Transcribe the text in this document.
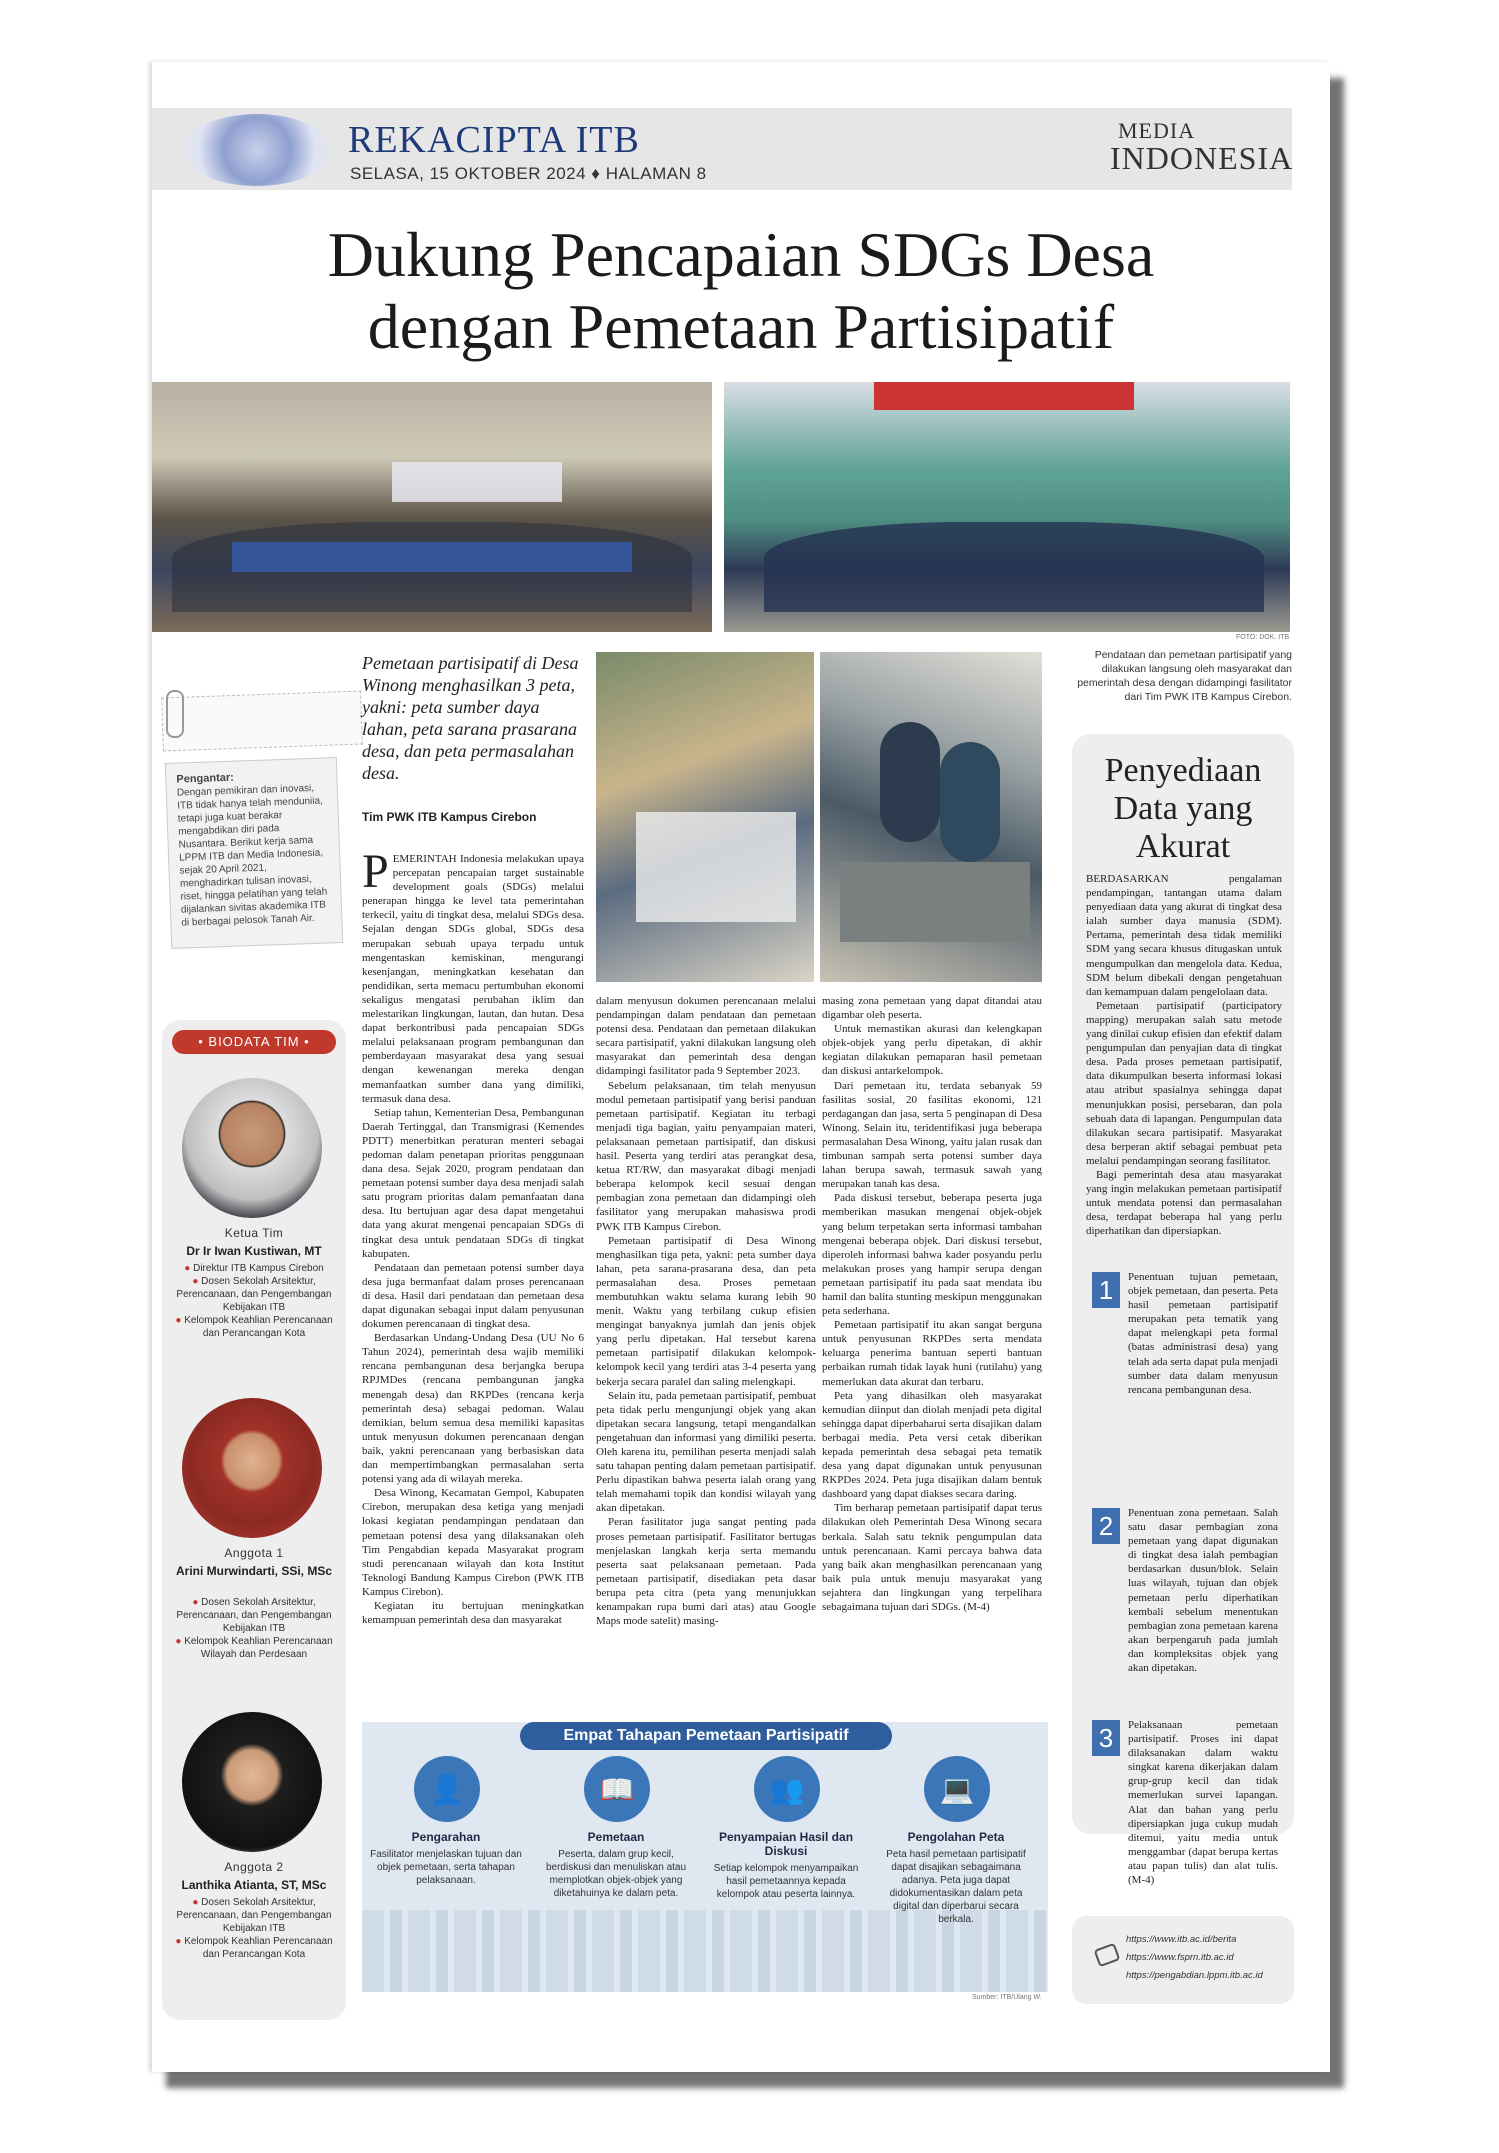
REKACIPTA ITB
SELASA, 15 OKTOBER 2024 ♦ HALAMAN 8
MEDIA
INDONESIA
Dukung Pencapaian SDGs Desa
dengan Pemetaan Partisipatif
FOTO: DOK. ITB
Pendataan dan pemetaan partisipatif yang dilakukan langsung oleh masyarakat dan pemerintah desa dengan didampingi fasilitator dari Tim PWK ITB Kampus Cirebon.
Pengantar:
Dengan pemikiran dan inovasi, ITB tidak hanya telah menduniia, tetapi juga kuat berakar mengabdikan diri pada Nusantara. Berikut kerja sama LPPM ITB dan Media Indonesia, sejak 20 April 2021, menghadirkan tulisan inovasi, riset, hingga pelatihan yang telah dijalankan sivitas akademika ITB di berbagai pelosok Tanah Air.
Pemetaan partisipatif di Desa Winong menghasilkan 3 peta, yakni: peta sumber daya lahan, peta sarana prasarana desa, dan peta permasalahan desa.
Tim PWK ITB Kampus Cirebon
P EMERINTAH Indonesia melakukan upaya percepatan pencapaian target sustainable development goals (SDGs) melalui penerapan hingga ke level tata pemerintahan terkecil, yaitu di tingkat desa, melalui SDGs desa. Sejalan dengan SDGs global, SDGs desa merupakan sebuah upaya terpadu untuk mengentaskan kemiskinan, mengurangi kesenjangan, meningkatkan kesehatan dan pendidikan, serta memacu pertumbuhan ekonomi sekaligus mengatasi perubahan iklim dan melestarikan lingkungan, lautan, dan hutan. Desa dapat berkontribusi pada pencapaian SDGs melalui pelaksanaan program pembangunan dan pemberdayaan masyarakat desa yang sesuai dengan kewenangan mereka dengan memanfaatkan sumber dana yang dimiliki, termasuk dana desa.

Setiap tahun, Kementerian Desa, Pembangunan Daerah Tertinggal, dan Transmigrasi (Kemendes PDTT) menerbitkan peraturan menteri sebagai pedoman dalam penetapan prioritas penggunaan dana desa. Sejak 2020, program pendataan dan pemetaan potensi sumber daya desa menjadi salah satu program prioritas dalam pemanfaatan dana desa. Itu bertujuan agar desa dapat mengetahui data yang akurat mengenai pencapaian SDGs di tingkat desa untuk pendataan SDGs di tingkat kabupaten.

Pendataan dan pemetaan potensi sumber daya desa juga bermanfaat dalam proses perencanaan di desa. Hasil dari pendataan dan pemetaan desa dapat digunakan sebagai input dalam penyusunan dokumen perencanaan di tingkat desa.

Berdasarkan Undang-Undang Desa (UU No 6 Tahun 2024), pemerintah desa wajib memiliki rencana pembangunan desa berjangka berupa RPJMDes (rencana pembangunan jangka menengah desa) dan RKPDes (rencana kerja pemerintah desa) sebagai pedoman. Walau demikian, belum semua desa memiliki kapasitas untuk menyusun dokumen perencanaan dengan baik, yakni perencanaan yang berbasiskan data dan mempertimbangkan permasalahan serta potensi yang ada di wilayah mereka.

Desa Winong, Kecamatan Gempol, Kabupaten Cirebon, merupakan desa ketiga yang menjadi lokasi kegiatan pendampingan pendataan dan pemetaan potensi desa yang dilaksanakan oleh Tim Pengabdian kepada Masyarakat program studi perencanaan wilayah dan kota Institut Teknologi Bandung Kampus Cirebon (PWK ITB Kampus Cirebon).

Kegiatan itu bertujuan meningkatkan kemampuan pemerintah desa dan masyarakat

dalam menyusun dokumen perencanaan melalui pendampingan dalam pendataan dan pemetaan potensi desa. Pendataan dan pemetaan dilakukan secara partisipatif, yakni dilakukan langsung oleh masyarakat dan pemerintah desa dengan didampingi fasilitator pada 9 September 2023.

Sebelum pelaksanaan, tim telah menyusun modul pemetaan partisipatif yang berisi panduan pemetaan partisipatif. Kegiatan itu terbagi menjadi tiga bagian, yaitu penyampaian materi, pelaksanaan pemetaan partisipatif, dan diskusi hasil. Peserta yang terdiri atas perangkat desa, ketua RT/RW, dan masyarakat dibagi menjadi beberapa kelompok kecil sesuai dengan pembagian zona pemetaan dan didampingi oleh fasilitator yang merupakan mahasiswa prodi PWK ITB Kampus Cirebon.

Pemetaan partisipatif di Desa Winong menghasilkan tiga peta, yakni: peta sumber daya lahan, peta sarana-prasarana desa, dan peta permasalahan desa. Proses pemetaan membutuhkan waktu selama kurang lebih 90 menit. Waktu yang terbilang cukup efisien mengingat banyaknya jumlah dan jenis objek yang perlu dipetakan. Hal tersebut karena pemetaan partisipatif dilakukan kelompok-kelompok kecil yang terdiri atas 3-4 peserta yang bekerja secara paralel dan saling melengkapi.

Selain itu, pada pemetaan partisipatif, pembuat peta tidak perlu mengunjungi objek yang akan dipetakan secara langsung, tetapi mengandalkan pengetahuan dan informasi yang dimiliki peserta. Oleh karena itu, pemilihan peserta menjadi salah satu tahapan penting dalam pemetaan partisipatif. Perlu dipastikan bahwa peserta ialah orang yang telah memahami topik dan kondisi wilayah yang akan dipetakan.

Peran fasilitator juga sangat penting pada proses pemetaan partisipatif. Fasilitator bertugas menjelaskan langkah kerja serta memandu peserta saat pelaksanaan pemetaan. Pada pemetaan partisipatif, disediakan peta dasar berupa peta citra (peta yang menunjukkan kenampakan rupa bumi dari atas) atau Google Maps mode satelit) masing-

masing zona pemetaan yang dapat ditandai atau digambar oleh peserta.

Untuk memastikan akurasi dan kelengkapan objek-objek yang perlu dipetakan, di akhir kegiatan dilakukan pemaparan hasil pemetaan dan diskusi antarkelompok.

Dari pemetaan itu, terdata sebanyak 59 fasilitas sosial, 20 fasilitas ekonomi, 121 perdagangan dan jasa, serta 5 penginapan di Desa Winong. Selain itu, teridentifikasi juga beberapa permasalahan Desa Winong, yaitu jalan rusak dan timbunan sampah serta potensi sumber daya lahan berupa sawah, termasuk sawah yang merupakan tanah kas desa.

Pada diskusi tersebut, beberapa peserta juga memberikan masukan mengenai objek-objek yang belum terpetakan serta informasi tambahan mengenai beberapa objek. Dari diskusi tersebut, diperoleh informasi bahwa kader posyandu perlu melakukan proses yang hampir serupa dengan pemetaan partisipatif itu pada saat mendata ibu hamil dan balita stunting meskipun menggunakan peta sederhana.

Pemetaan partisipatif itu akan sangat berguna untuk penyusunan RKPDes serta mendata keluarga penerima bantuan seperti bantuan perbaikan rumah tidak layak huni (rutilahu) yang memerlukan data akurat dan terbaru.

Peta yang dihasilkan oleh masyarakat kemudian diinput dan diolah menjadi peta digital sehingga dapat diperbaharui serta disajikan dalam berbagai media. Peta versi cetak diberikan kepada pemerintah desa sebagai peta tematik desa yang dapat digunakan untuk penyusunan RKPDes 2024. Peta juga disajikan dalam bentuk dashboard yang dapat diakses secara daring.

Tim berharap pemetaan partisipatif dapat terus dilakukan oleh Pemerintah Desa Winong secara berkala. Salah satu teknik pengumpulan data untuk perencanaan. Kami percaya bahwa data yang baik akan menghasilkan perencanaan yang baik pula untuk menuju masyarakat yang sejahtera dan lingkungan yang terpelihara sebagaimana tujuan dari SDGs. (M-4)

• BIODATA TIM •
Ketua Tim
Dr Ir Iwan Kustiwan, MT
● Direktur ITB Kampus Cirebon
● Dosen Sekolah Arsitektur, Perencanaan, dan Pengembangan Kebijakan ITB
● Kelompok Keahlian Perencanaan dan Perancangan Kota
Anggota 1
Arini Murwindarti, SSi, MSc
● Dosen Sekolah Arsitektur, Perencanaan, dan Pengembangan Kebijakan ITB
● Kelompok Keahlian Perencanaan Wilayah dan Perdesaan
Anggota 2
Lanthika Atianta, ST, MSc
● Dosen Sekolah Arsitektur, Perencanaan, dan Pengembangan Kebijakan ITB
● Kelompok Keahlian Perencanaan dan Perancangan Kota
Penyediaan
Data yang
Akurat

BERDASARKAN pengalaman pendampingan, tantangan utama dalam penyediaan data yang akurat di tingkat desa ialah sumber daya manusia (SDM). Pertama, pemerintah desa tidak memiliki SDM yang secara khusus ditugaskan untuk mengumpulkan dan mengelola data. Kedua, SDM belum dibekali dengan pengetahuan dan kemampuan dalam pengelolaan data.

Pemetaan partisipatif (participatory mapping) merupakan salah satu metode yang dinilai cukup efisien dan efektif dalam pengumpulan dan penyajian data di tingkat desa. Pada proses pemetaan partisipatif, data dikumpulkan beserta informasi lokasi atau atribut spasialnya sehingga dapat menunjukkan posisi, persebaran, dan pola sebuah data di lapangan. Pengumpulan data dilakukan secara partisipatif. Masyarakat desa berperan aktif sebagai pembuat peta melalui pendampingan seorang fasilitator.

Bagi pemerintah desa atau masyarakat yang ingin melakukan pemetaan partisipatif untuk mendata potensi dan permasalahan desa, terdapat beberapa hal yang perlu diperhatikan dan dipersiapkan.

1	Penentuan tujuan pemetaan, objek pemetaan, dan peserta. Peta hasil pemetaan partisipatif merupakan peta tematik yang dapat melengkapi peta formal (batas administrasi desa) yang telah ada serta dapat pula menjadi sumber data dalam menyusun rencana pembangunan desa.
2	Penentuan zona pemetaan. Salah satu dasar pembagian zona pemetaan yang dapat digunakan di tingkat desa ialah pembagian berdasarkan dusun/blok. Selain luas wilayah, tujuan dan objek pemetaan perlu diperhatikan kembali sebelum menentukan pembagian zona pemetaan karena akan berpengaruh pada jumlah dan kompleksitas objek yang akan dipetakan.
3	Pelaksanaan pemetaan partisipatif. Proses ini dapat dilaksanakan dalam waktu singkat karena dikerjakan dalam grup-grup kecil dan tidak memerlukan survei lapangan. Alat dan bahan yang perlu dipersiapkan juga cukup mudah ditemui, yaitu media untuk menggambar (dapat berupa kertas atau papan tulis) dan alat tulis. (M-4)
https://www.itb.ac.id/berita
https://www.fsprn.itb.ac.id
https://pengabdian.lppm.itb.ac.id
Empat Tahapan Pemetaan Partisipatif
👤
Pengarahan
Fasilitator menjelaskan tujuan dan objek pemetaan, serta tahapan pelaksanaan.
📖
Pemetaan
Peserta, dalam grup kecil, berdiskusi dan menuliskan atau memplotkan objek-objek yang diketahuinya ke dalam peta.
👥
Penyampaian Hasil dan Diskusi
Setiap kelompok menyampaikan hasil pemetaannya kepada kelompok atau peserta lainnya.
💻
Pengolahan Peta
Peta hasil pemetaan partisipatif dapat disajikan sebagaimana adanya. Peta juga dapat didokumentasikan dalam peta digital dan diperbarui secara berkala.
Sumber: ITB/Ulang W.
